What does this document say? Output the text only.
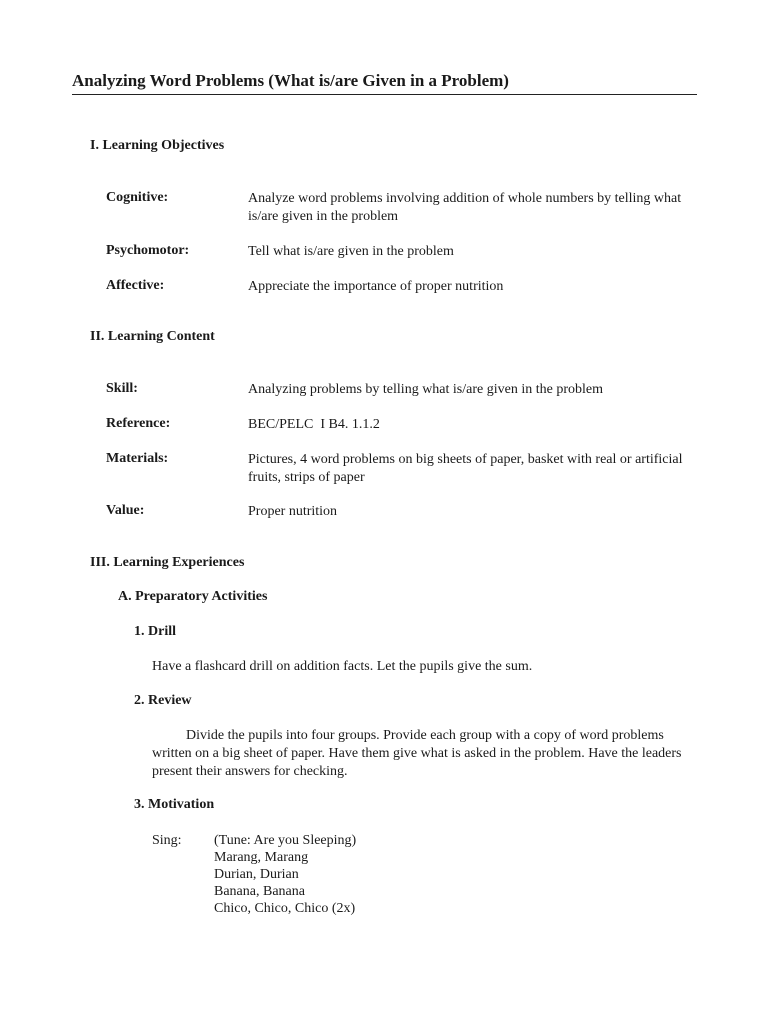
Analyzing Word Problems (What is/are Given in a Problem)
I. Learning Objectives
Cognitive:	Analyze word problems involving addition of whole numbers by telling what is/are given in the problem
Psychomotor:	Tell what is/are given in the problem
Affective:	Appreciate the importance of proper nutrition
II. Learning Content
Skill:	Analyzing problems by telling what is/are given in the problem
Reference:	BEC/PELC  I B4. 1.1.2
Materials:	Pictures, 4 word problems on big sheets of paper, basket with real or artificial fruits, strips of paper
Value:	Proper nutrition
III. Learning Experiences
A. Preparatory Activities
1. Drill
Have a flashcard drill on addition facts. Let the pupils give the sum.
2. Review
Divide the pupils into four groups. Provide each group with a copy of word problems written on a big sheet of paper. Have them give what is asked in the problem. Have the leaders present their answers for checking.
3. Motivation
Sing: (Tune: Are you Sleeping)
Marang, Marang
Durian, Durian
Banana, Banana
Chico, Chico, Chico (2x)
